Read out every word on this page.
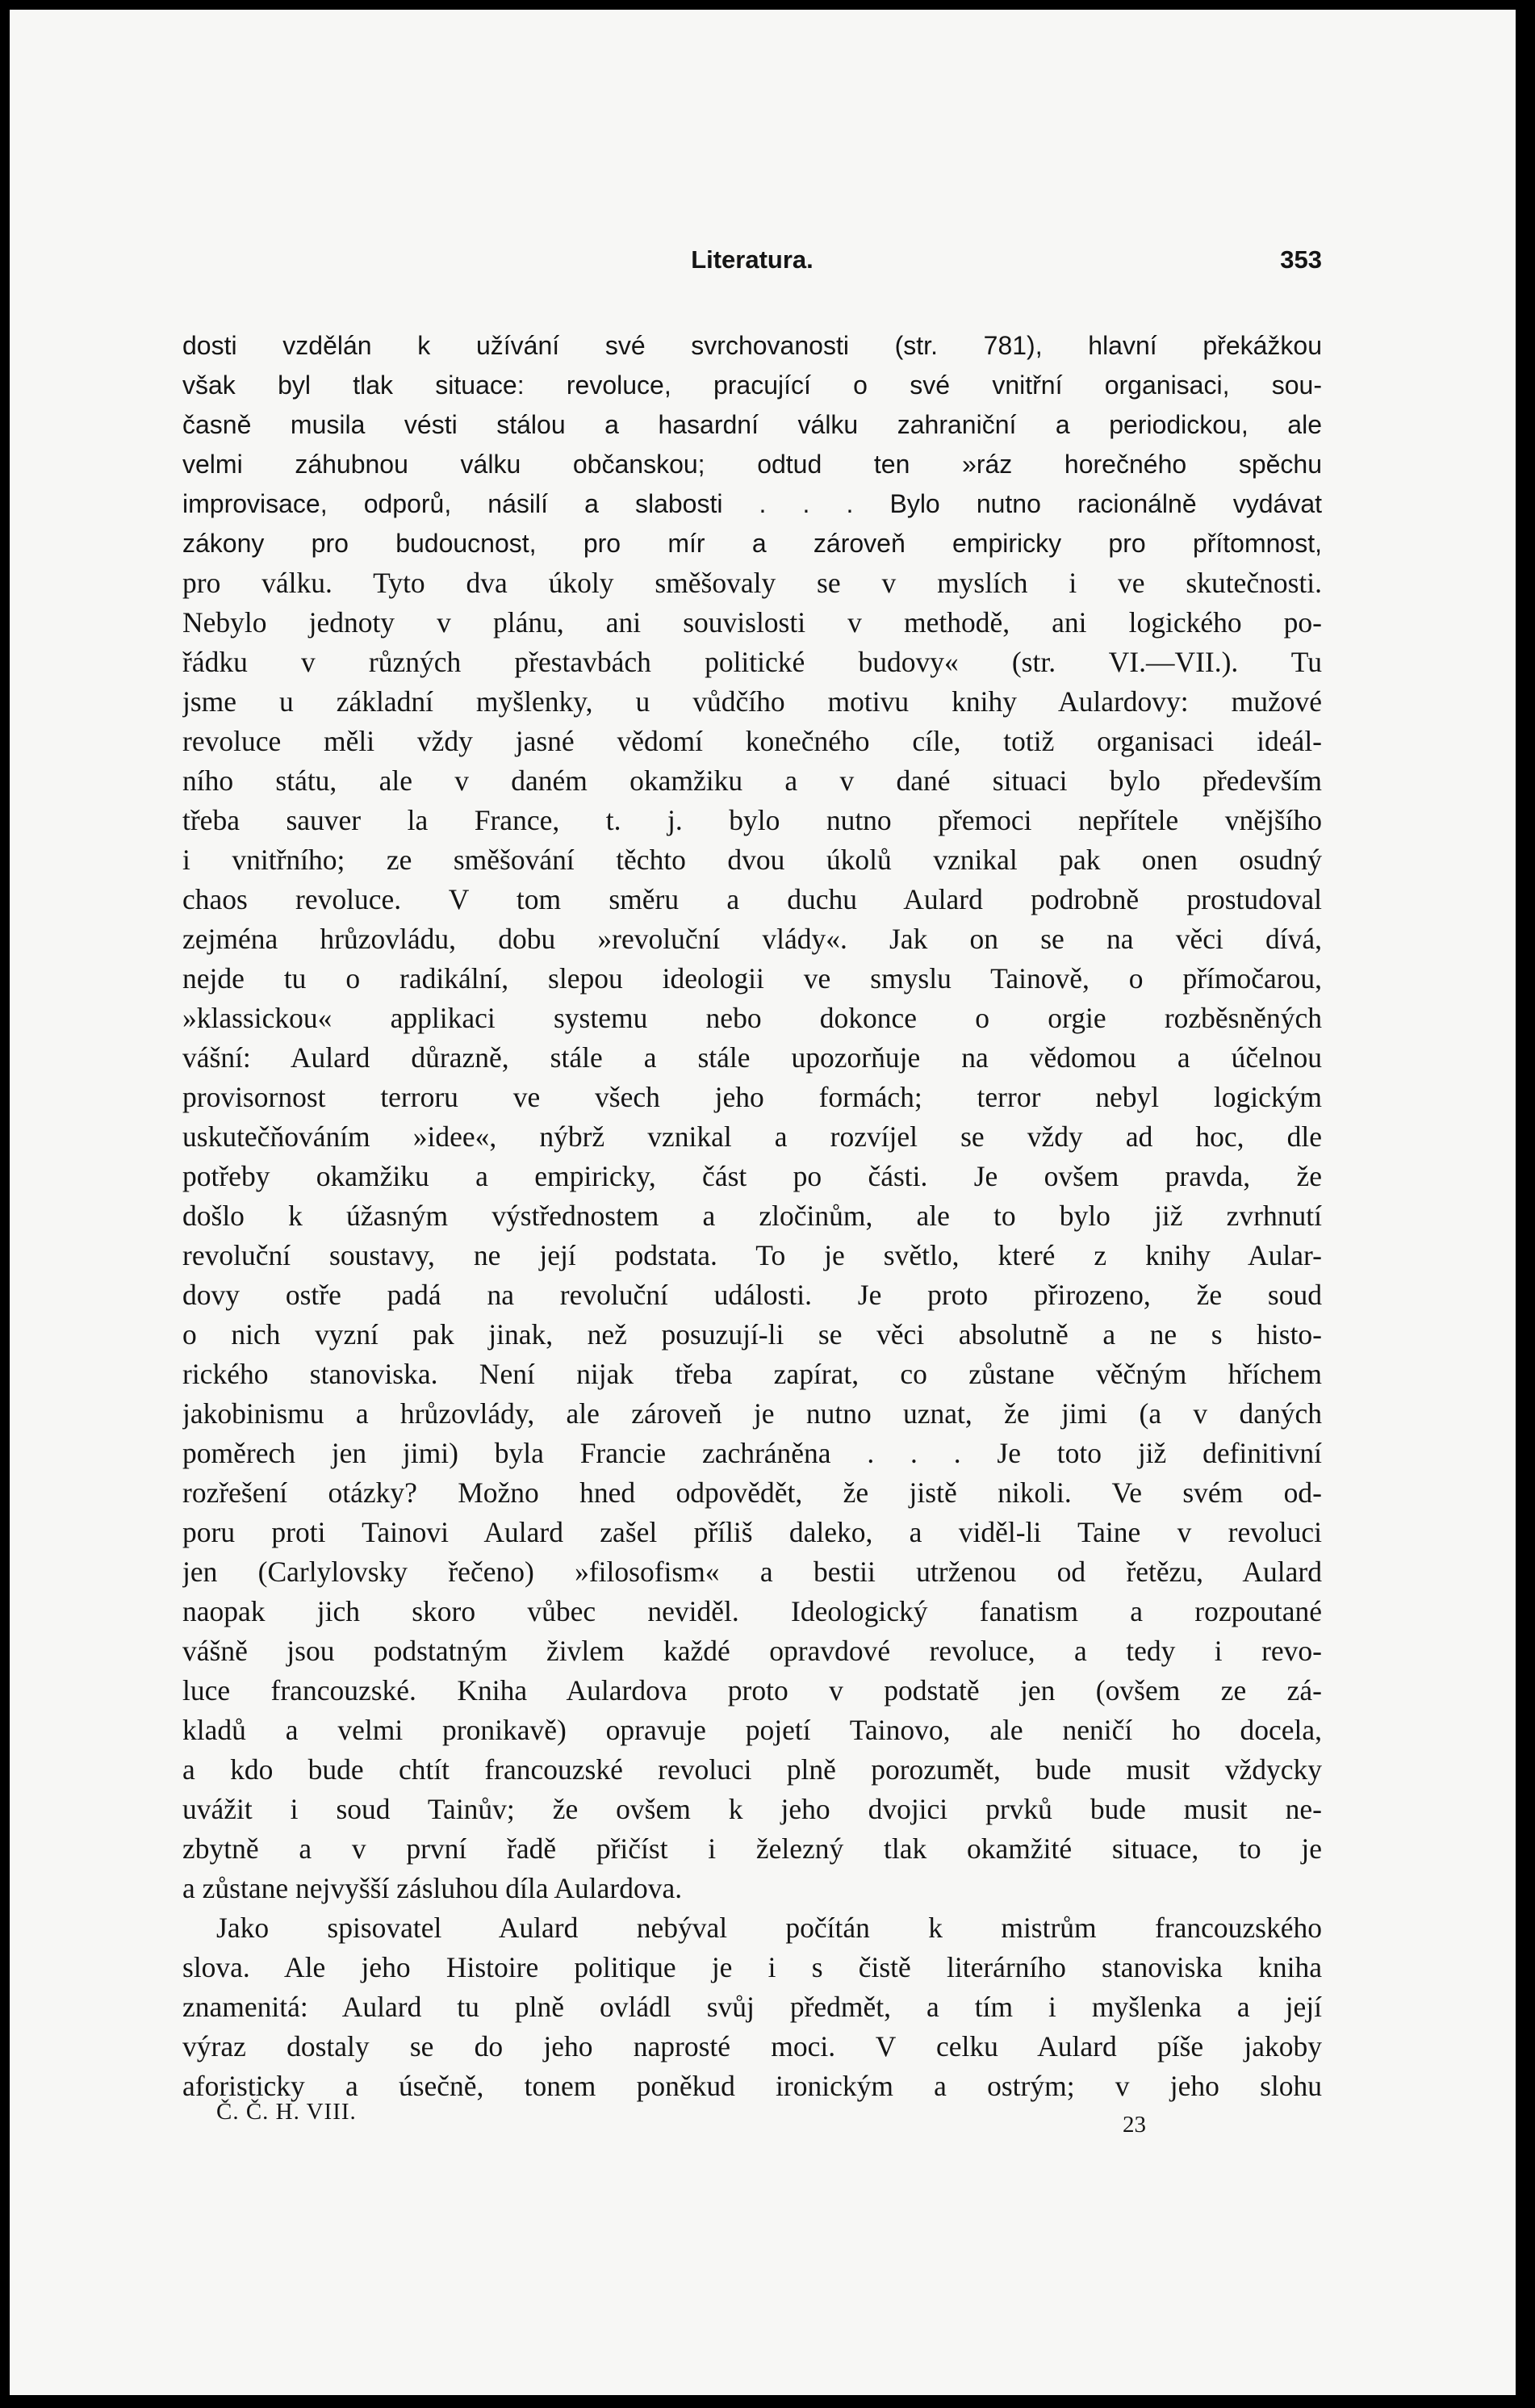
Literatura.	353
dosti vzdělán k užívání své svrchovanosti (str. 781), hlavní překážkou
však byl tlak situace: revoluce, pracující o své vnitřní organisaci, sou-
časně musila vésti stálou a hasardní válku zahraniční a periodickou, ale
velmi záhubnou válku občanskou; odtud ten »ráz horečného spěchu
improvisace, odporů, násilí a slabosti . . . Bylo nutno racionálně vydávat
zákony pro budoucnost, pro mír a zároveň empiricky pro přítomnost,
pro válku. Tyto dva úkoly směšovaly se v myslích i ve skutečnosti.
Nebylo jednoty v plánu, ani souvislosti v methodě, ani logického po-
řádku v různých přestavbách politické budovy« (str. VI.—VII.). Tu
jsme u základní myšlenky, u vůdčího motivu knihy Aulardovy: mužové
revoluce měli vždy jasné vědomí konečného cíle, totiž organisaci ideál-
ního státu, ale v daném okamžiku a v dané situaci bylo především
třeba sauver la France, t. j. bylo nutno přemoci nepřítele vnějšího
i vnitřního; ze směšování těchto dvou úkolů vznikal pak onen osudný
chaos revoluce. V tom směru a duchu Aulard podrobně prostudoval
zejména hrůzovládu, dobu »revoluční vlády«. Jak on se na věci dívá,
nejde tu o radikální, slepou ideologii ve smyslu Tainově, o přímočarou,
»klassickou« applikaci systemu nebo dokonce o orgie rozběsněných
vášní: Aulard důrazně, stále a stále upozorňuje na vědomou a účelnou
provisornost terroru ve všech jeho formách; terror nebyl logickým
uskutečňováním »idee«, nýbrž vznikal a rozvíjel se vždy ad hoc, dle
potřeby okamžiku a empiricky, část po části. Je ovšem pravda, že
došlo k úžasným výstřednostem a zločinům, ale to bylo již zvrhnutí
revoluční soustavy, ne její podstata. To je světlo, které z knihy Aular-
dovy ostře padá na revoluční události. Je proto přirozeno, že soud
o nich vyzní pak jinak, než posuzují-li se věci absolutně a ne s histo-
rického stanoviska. Není nijak třeba zapírat, co zůstane věčným hříchem
jakobinismu a hrůzovlády, ale zároveň je nutno uznat, že jimi (a v daných
poměrech jen jimi) byla Francie zachráněna . . . Je toto již definitivní
rozřešení otázky? Možno hned odpovědět, že jistě nikoli. Ve svém od-
poru proti Tainovi Aulard zašel příliš daleko, a viděl-li Taine v revoluci
jen (Carlylovsky řečeno) »filosofism« a bestii utrženou od řetězu, Aulard
naopak jich skoro vůbec neviděl. Ideologický fanatism a rozpoutané
vášně jsou podstatným živlem každé opravdové revoluce, a tedy i revo-
luce francouzské. Kniha Aulardova proto v podstatě jen (ovšem ze zá-
kladů a velmi pronikavě) opravuje pojetí Tainovo, ale neničí ho docela,
a kdo bude chtít francouzské revoluci plně porozumět, bude musit vždycky
uvážit i soud Tainův; že ovšem k jeho dvojici prvků bude musit ne-
zbytně a v první řadě přičíst i železný tlak okamžité situace, to je
a zůstane nejvyšší zásluhou díla Aulardova.
Jako spisovatel Aulard nebýval počítán k mistrům francouzského
slova. Ale jeho Histoire politique je i s čistě literárního stanoviska kniha
znamenitá: Aulard tu plně ovládl svůj předmět, a tím i myšlenka a její
výraz dostaly se do jeho naprosté moci. V celku Aulard píše jakoby
aforisticky a úsečně, tonem poněkud ironickým a ostrým; v jeho slohu
Č. Č. H. VIII.	23
